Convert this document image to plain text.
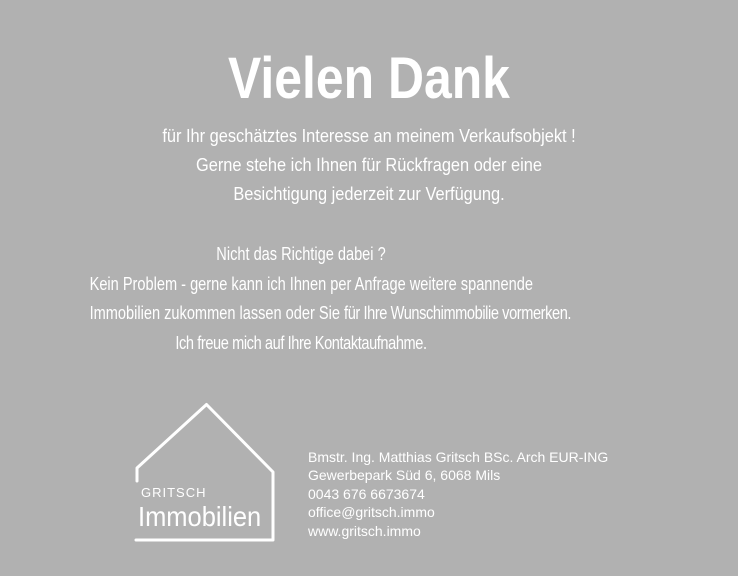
Vielen Dank
für Ihr geschätztes Interesse an meinem Verkaufsobjekt !
Gerne stehe ich Ihnen für Rückfragen oder eine
Besichtigung jederzeit zur Verfügung.
Nicht das Richtige dabei ?
Kein Problem - gerne kann ich Ihnen per Anfrage weitere spannende
Immobilien zukommen lassen oder Sie für Ihre Wunschimmobilie vormerken.
Ich freue mich auf Ihre Kontaktaufnahme.
GRITSCH
Immobilien
Bmstr. Ing. Matthias Gritsch BSc. Arch EUR-ING
Gewerbepark Süd 6, 6068 Mils
0043 676 6673674
office@gritsch.immo
www.gritsch.immo
